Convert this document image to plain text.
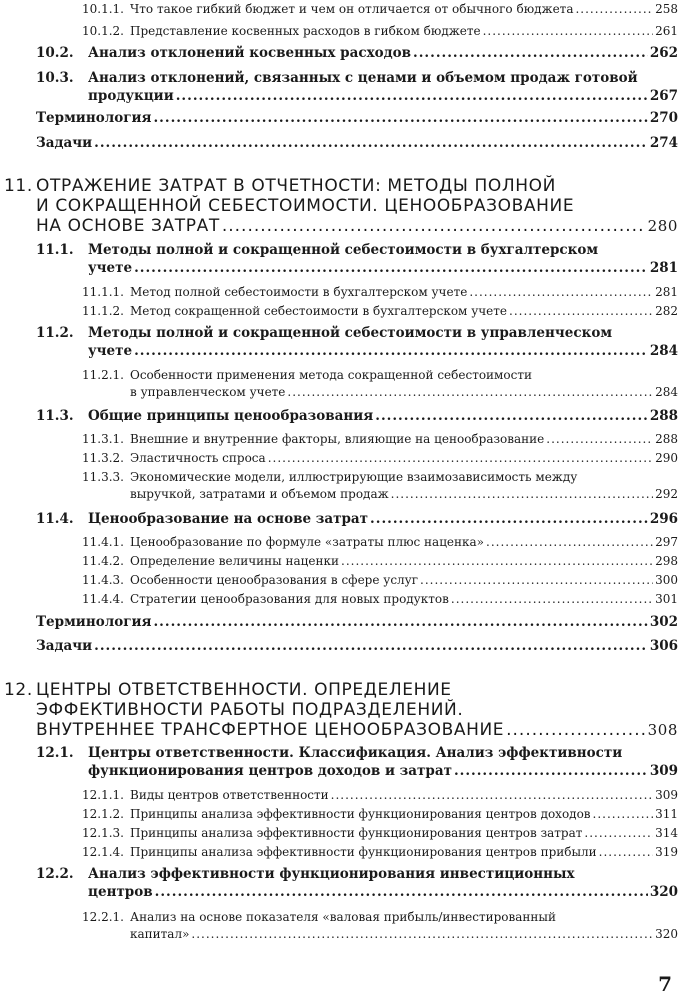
10.1.1. Что такое гибкий бюджет и чем он отличается от обычного бюджета .....	258
10.1.2. Представление косвенных расходов в гибком бюджете .....	261
10.2. Анализ отклонений косвенных расходов .....	262
10.3. Анализ отклонений, связанных с ценами и объемом продаж готовой
продукции .....	267
Терминология .....	270
Задачи .....	274
11. ОТРАЖЕНИЕ ЗАТРАТ В ОТЧЕТНОСТИ: МЕТОДЫ ПОЛНОЙ
И СОКРАЩЕННОЙ СЕБЕСТОИМОСТИ. ЦЕНООБРАЗОВАНИЕ
НА ОСНОВЕ ЗАТРАТ .....	280
11.1. Методы полной и сокращенной себестоимости в бухгалтерском
учете .....	281
11.1.1. Метод полной себестоимости в бухгалтерском учете .....	281
11.1.2. Метод сокращенной себестоимости в бухгалтерском учете .....	282
11.2. Методы полной и сокращенной себестоимости в управленческом
учете .....	284
11.2.1. Особенности применения метода сокращенной себестоимости
в управленческом учете .....	284
11.3. Общие принципы ценообразования .....	288
11.3.1. Внешние и внутренние факторы, влияющие на ценообразование .....	288
11.3.2. Эластичность спроса .....	290
11.3.3. Экономические модели, иллюстрирующие взаимозависимость между
выручкой, затратами и объемом продаж .....	292
11.4. Ценообразование на основе затрат .....	296
11.4.1. Ценообразование по формуле «затраты плюс наценка» .....	297
11.4.2. Определение величины наценки .....	298
11.4.3. Особенности ценообразования в сфере услуг .....	300
11.4.4. Стратегии ценообразования для новых продуктов .....	301
Терминология .....	302
Задачи .....	306
12. ЦЕНТРЫ ОТВЕТСТВЕННОСТИ. ОПРЕДЕЛЕНИЕ
ЭФФЕКТИВНОСТИ РАБОТЫ ПОДРАЗДЕЛЕНИЙ.
ВНУТРЕННЕЕ ТРАНСФЕРТНОЕ ЦЕНООБРАЗОВАНИЕ .....	308
12.1. Центры ответственности. Классификация. Анализ эффективности
функционирования центров доходов и затрат .....	309
12.1.1. Виды центров ответственности .....	309
12.1.2. Принципы анализа эффективности функционирования центров доходов .....	311
12.1.3. Принципы анализа эффективности функционирования центров затрат .....	314
12.1.4. Принципы анализа эффективности функционирования центров прибыли .....	319
12.2. Анализ эффективности функционирования инвестиционных
центров .....	320
12.2.1. Анализ на основе показателя «валовая прибыль/инвестированный
капитал» .....	320
7
